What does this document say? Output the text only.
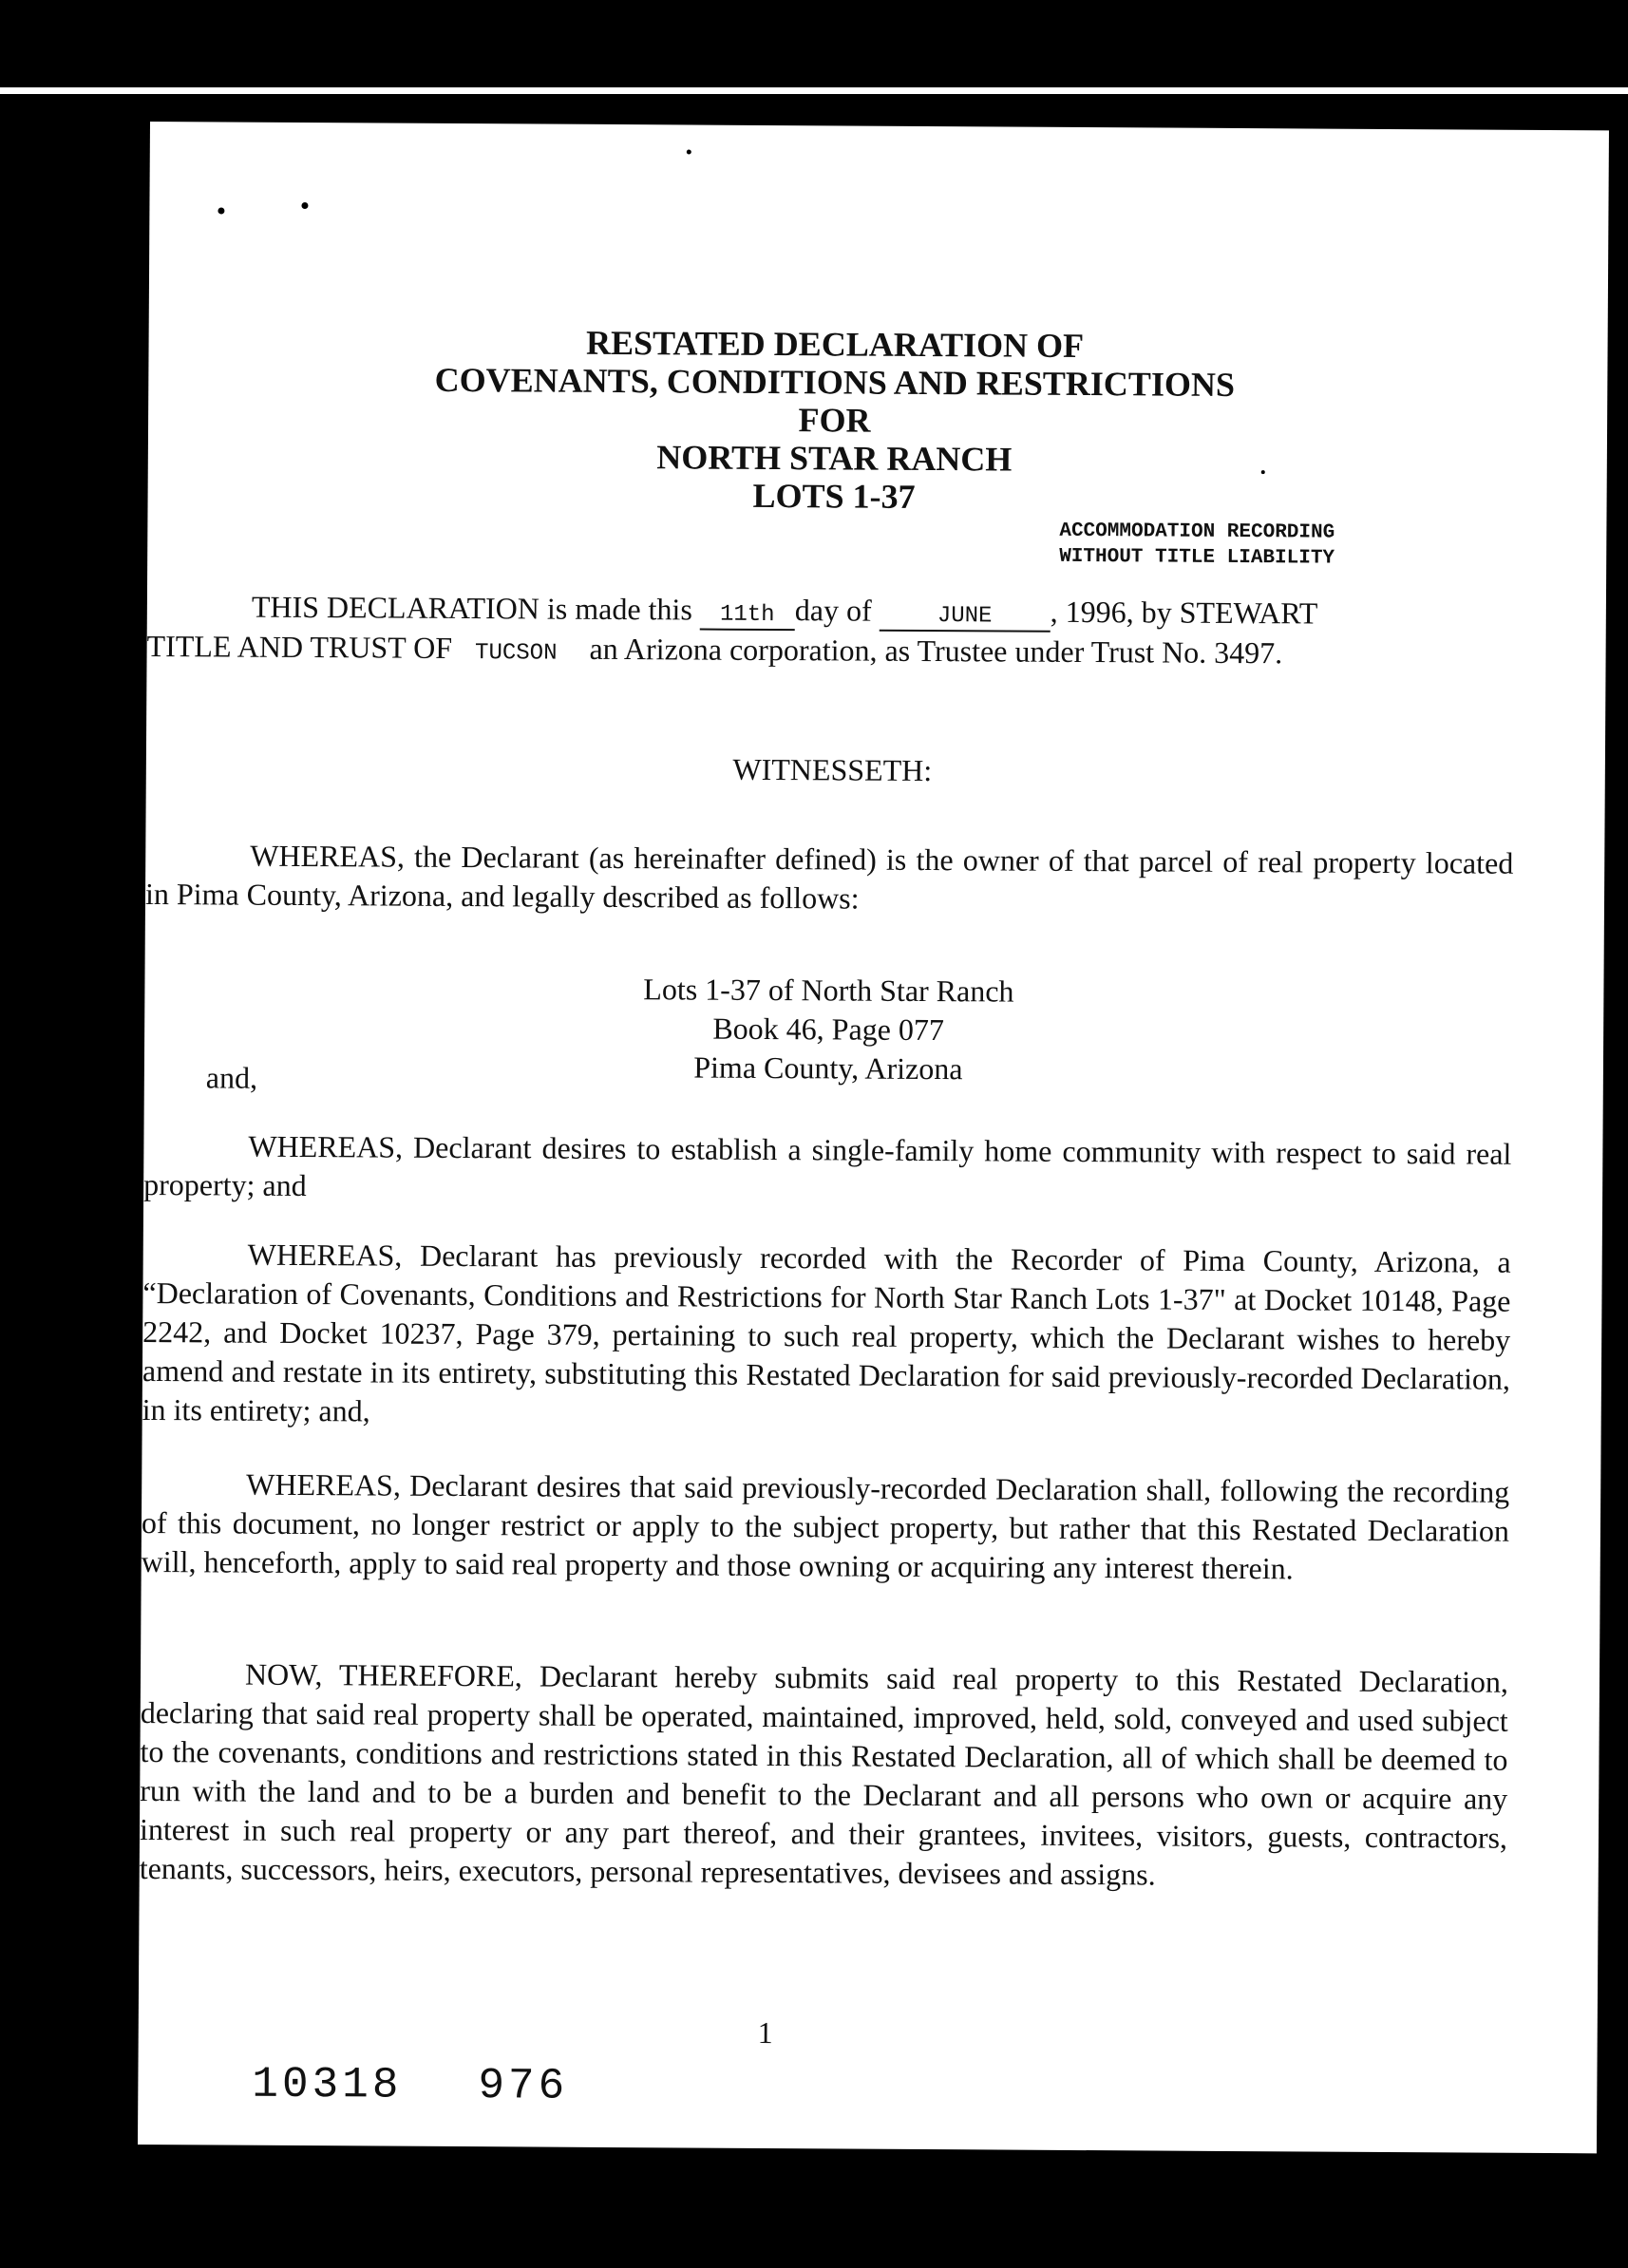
RESTATED DECLARATION OF
COVENANTS, CONDITIONS AND RESTRICTIONS
FOR
NORTH STAR RANCH
LOTS 1-37
ACCOMMODATION RECORDING
WITHOUT TITLE LIABILITY
THIS DECLARATION is made this 11th day of	JUNE , 1996, by STEWART
TITLE AND TRUST OF TUCSON an Arizona corporation, as Trustee under Trust No. 3497.
WITNESSETH:

WHEREAS, the Declarant (as hereinafter defined) is the owner of that parcel of real property located in Pima County, Arizona, and legally described as follows:

Lots 1-37 of North Star Ranch
Book 46, Page 077
Pima County, Arizona
and,

WHEREAS, Declarant desires to establish a single-family home community with respect to said real property; and

WHEREAS, Declarant has previously recorded with the Recorder of Pima County, Arizona, a “Declaration of Covenants, Conditions and Restrictions for North Star Ranch Lots 1-37" at Docket 10148, Page 2242, and Docket 10237, Page 379, pertaining to such real property, which the Declarant wishes to hereby amend and restate in its entirety, substituting this Restated Declaration for said previously-recorded Declaration, in its entirety; and,

WHEREAS, Declarant desires that said previously-recorded Declaration shall, following the recording of this document, no longer restrict or apply to the subject property, but rather that this Restated Declaration will, henceforth, apply to said real property and those owning or acquiring any interest therein.

NOW, THEREFORE, Declarant hereby submits said real property to this Restated Declaration, declaring that said real property shall be operated, maintained, improved, held, sold, conveyed and used subject to the covenants, conditions and restrictions stated in this Restated Declaration, all of which shall be deemed to run with the land and to be a burden and benefit to the Declarant and all persons who own or acquire any interest in such real property or any part thereof, and their grantees, invitees, visitors, guests, contractors, tenants, successors, heirs, executors, personal representatives, devisees and assigns.

1
10318 976
